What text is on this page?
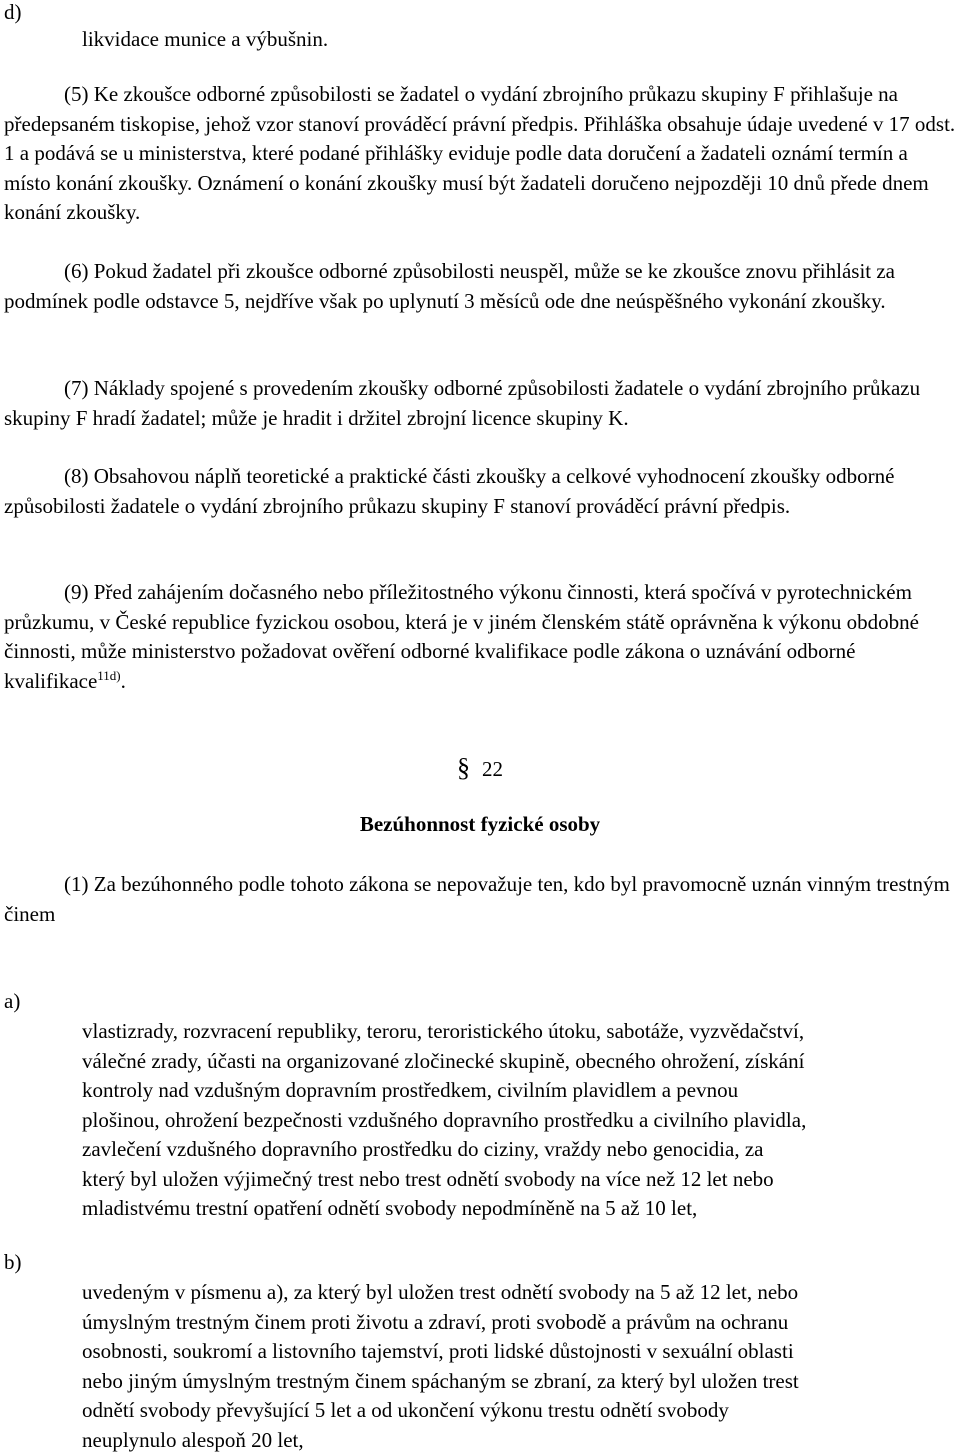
d)
likvidace munice a výbušnin.

(5) Ke zkoušce odborné způsobilosti se žadatel o vydání zbrojního průkazu skupiny F přihlašuje na předepsaném tiskopise, jehož vzor stanoví prováděcí právní předpis. Přihláška obsahuje údaje uvedené v 17 odst. 1 a podává se u ministerstva, které podané přihlášky eviduje podle data doručení a žadateli oznámí termín a místo konání zkoušky. Oznámení o konání zkoušky musí být žadateli doručeno nejpozději 10 dnů přede dnem konání zkoušky.

(6) Pokud žadatel při zkoušce odborné způsobilosti neuspěl, může se ke zkoušce znovu přihlásit za podmínek podle odstavce 5, nejdříve však po uplynutí 3 měsíců ode dne neúspěšného vykonání zkoušky.

(7) Náklady spojené s provedením zkoušky odborné způsobilosti žadatele o vydání zbrojního průkazu skupiny F hradí žadatel; může je hradit i držitel zbrojní licence skupiny K.

(8) Obsahovou náplň teoretické a praktické části zkoušky a celkové vyhodnocení zkoušky odborné způsobilosti žadatele o vydání zbrojního průkazu skupiny F stanoví prováděcí právní předpis.

(9) Před zahájením dočasného nebo příležitostného výkonu činnosti, která spočívá v pyrotechnickém průzkumu, v České republice fyzickou osobou, která je v jiném členském státě oprávněna k výkonu obdobné činnosti, může ministerstvo požadovat ověření odborné kvalifikace podle zákona o uznávání odborné kvalifikace$^{11d)}$.

§ 22
Bezúhonnost fyzické osoby

(1) Za bezúhonného podle tohoto zákona se nepovažuje ten, kdo byl pravomocně uznán vinným trestným činem

a)
vlastizrady, rozvracení republiky, teroru, teroristického útoku, sabotáže, vyzvědačství,
válečné zrady, účasti na organizované zločinecké skupině, obecného ohrožení, získání
kontroly nad vzdušným dopravním prostředkem, civilním plavidlem a pevnou
plošinou, ohrožení bezpečnosti vzdušného dopravního prostředku a civilního plavidla,
zavlečení vzdušného dopravního prostředku do ciziny, vraždy nebo genocidia, za
který byl uložen výjimečný trest nebo trest odnětí svobody na více než 12 let nebo
mladistvému trestní opatření odnětí svobody nepodmíněně na 5 až 10 let,
b)
uvedeným v písmenu a), za který byl uložen trest odnětí svobody na 5 až 12 let, nebo
úmyslným trestným činem proti životu a zdraví, proti svobodě a právům na ochranu
osobnosti, soukromí a listovního tajemství, proti lidské důstojnosti v sexuální oblasti
nebo jiným úmyslným trestným činem spáchaným se zbraní, za který byl uložen trest
odnětí svobody převyšující 5 let a od ukončení výkonu trestu odnětí svobody
neuplynulo alespoň 20 let,
